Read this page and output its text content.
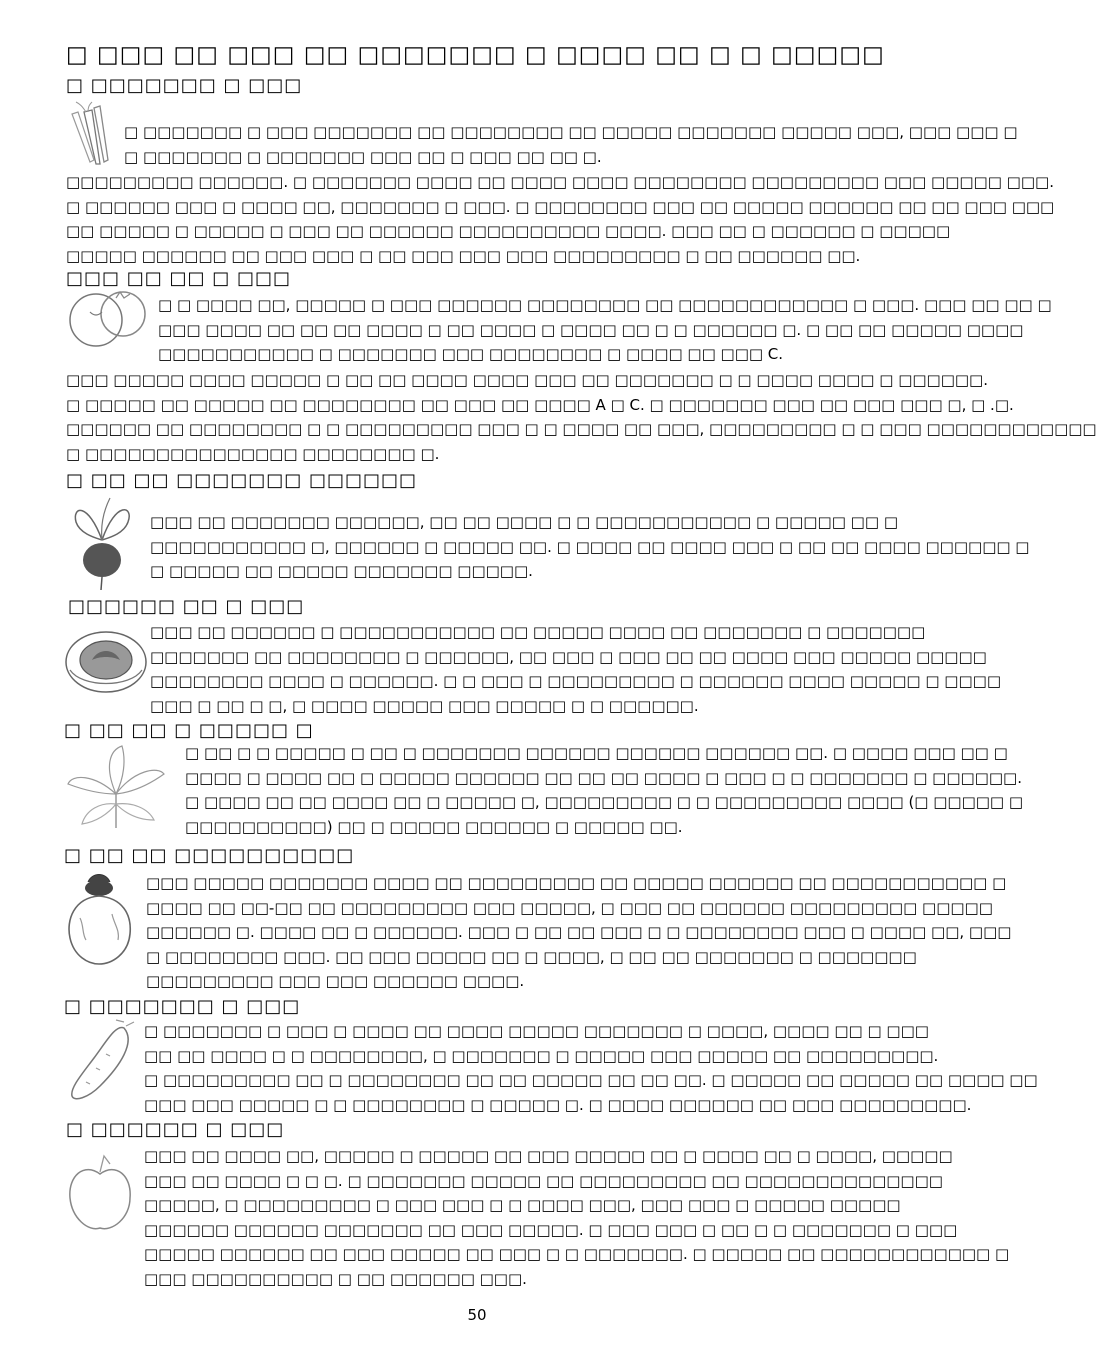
□ □□□ □□ □□□ □□ □□□□□□□ □ □□□□ □□ □ □ □□□□□
□ □□□□□□□ □ □□□
□ □□□□□□□ □ □□□ □□□□□□□ □□ □□□□□□□□ □□ □□□□□ □□□□□□□ □□□□□ □□□, □□□ □□□ □
□ □□□□□□□ □ □□□□□□□ □□□ □□ □ □□□ □□ □□ □.
□□□□□□□□□ □□□□□□. □ □□□□□□□ □□□□ □□ □□□□ □□□□ □□□□□□□□ □□□□□□□□□ □□□ □□□□□ □□□.
□ □□□□□□ □□□ □ □□□□ □□, □□□□□□□ □ □□□. □ □□□□□□□□ □□□ □□ □□□□□ □□□□□□ □□ □□ □□□ □□□
□□ □□□□□ □ □□□□□ □ □□□ □□ □□□□□□ □□□□□□□□□□ □□□□. □□□ □□ □ □□□□□□ □ □□□□□
□□□□□ □□□□□□ □□ □□□ □□□ □ □□ □□□ □□□ □□□ □□□□□□□□□ □ □□ □□□□□□ □□.
□□□ □□ □□ □ □□□
□ □ □□□□ □□, □□□□□ □ □□□ □□□□□□ □□□□□□□□ □□ □□□□□□□□□□□□ □ □□□. □□□ □□ □□ □
□□□ □□□□ □□ □□ □□ □□□□ □ □□ □□□□ □ □□□□ □□ □ □ □□□□□□ □. □ □□ □□ □□□□□ □□□□
□□□□□□□□□□□ □ □□□□□□□ □□□ □□□□□□□□ □ □□□□ □□ □□□ C.
□□□ □□□□□ □□□□ □□□□□ □ □□ □□ □□□□ □□□□ □□□ □□ □□□□□□□ □ □ □□□□ □□□□ □ □□□□□□.
□ □□□□□ □□ □□□□□ □□ □□□□□□□□ □□ □□□ □□ □□□□ A □ C. □ □□□□□□□ □□□ □□ □□□ □□□ □, □ .□.
□□□□□□ □□ □□□□□□□□ □ □ □□□□□□□□□ □□□ □ □ □□□□ □□ □□□, □□□□□□□□□ □ □ □□□ □□□□□□□□□□□□
□ □□□□□□□□□□□□□□□ □□□□□□□□ □.
□ □□ □□ □□□□□□□ □□□□□□
□□□ □□ □□□□□□□ □□□□□□, □□ □□ □□□□ □ □ □□□□□□□□□□□ □ □□□□□ □□ □
□□□□□□□□□□□ □, □□□□□□ □ □□□□□ □□. □ □□□□ □□ □□□□ □□□ □ □□ □□ □□□□ □□□□□□ □
□ □□□□□ □□ □□□□□ □□□□□□□ □□□□□.
□□□□□□ □□ □ □□□
□□□ □□ □□□□□□ □ □□□□□□□□□□□ □□ □□□□□ □□□□ □□ □□□□□□□ □ □□□□□□□
□□□□□□□ □□ □□□□□□□□ □ □□□□□□, □□ □□□ □ □□□ □□ □□ □□□□ □□□ □□□□□ □□□□□
□□□□□□□□ □□□□ □ □□□□□□. □ □ □□□ □ □□□□□□□□□ □ □□□□□□ □□□□ □□□□□ □ □□□□
□□□ □ □□ □ □, □ □□□□ □□□□□ □□□ □□□□□ □ □ □□□□□□.
□ □□ □□ □ □□□□□ □
□ □□ □ □ □□□□□ □ □□ □ □□□□□□□ □□□□□□ □□□□□□ □□□□□□ □□. □ □□□□ □□□ □□ □
□□□□ □ □□□□ □□ □ □□□□□ □□□□□□ □□ □□ □□ □□□□ □ □□□ □ □ □□□□□□□ □ □□□□□□.
□ □□□□ □□ □□ □□□□ □□ □ □□□□□ □, □□□□□□□□□ □ □ □□□□□□□□□ □□□□ (□ □□□□□ □
□□□□□□□□□□) □□ □ □□□□□ □□□□□□ □ □□□□□ □□.
□ □□ □□ □□□□□□□□□□
□□□ □□□□□ □□□□□□□ □□□□ □□ □□□□□□□□□ □□ □□□□□ □□□□□□ □□ □□□□□□□□□□□ □
□□□□ □□ □□-□□ □□ □□□□□□□□□ □□□ □□□□□, □ □□□ □□ □□□□□□ □□□□□□□□□ □□□□□
□□□□□□ □. □□□□ □□ □ □□□□□□. □□□ □ □□ □□ □□□ □ □ □□□□□□□□ □□□ □ □□□□ □□, □□□
□ □□□□□□□□ □□□. □□ □□□ □□□□□ □□ □ □□□□, □ □□ □□ □□□□□□□ □ □□□□□□□
□□□□□□□□□ □□□ □□□ □□□□□□ □□□□.
□ □□□□□□□ □ □□□
□ □□□□□□□ □ □□□ □ □□□□ □□ □□□□ □□□□□ □□□□□□□ □ □□□□, □□□□ □□ □ □□□
□□ □□ □□□□ □ □ □□□□□□□□, □ □□□□□□□ □ □□□□□ □□□ □□□□□ □□ □□□□□□□□□.
□ □□□□□□□□□ □□ □ □□□□□□□□ □□ □□ □□□□□ □□ □□ □□. □ □□□□□ □□ □□□□□ □□ □□□□ □□
□□□ □□□ □□□□□ □ □ □□□□□□□□ □ □□□□□ □. □ □□□□ □□□□□□ □□ □□□ □□□□□□□□□.
□ □□□□□□ □ □□□
□□□ □□ □□□□ □□, □□□□□ □ □□□□□ □□ □□□ □□□□□ □□ □ □□□□ □□ □ □□□□, □□□□□
□□□ □□ □□□□ □ □ □. □ □□□□□□□ □□□□□ □□ □□□□□□□□□ □□ □□□□□□□□□□□□□□
□□□□□, □ □□□□□□□□□ □ □□□ □□□ □ □ □□□□ □□□, □□□ □□□ □ □□□□□ □□□□□
□□□□□□ □□□□□□ □□□□□□□ □□ □□□ □□□□□. □ □□□ □□□ □ □□ □ □ □□□□□□□ □ □□□
□□□□□ □□□□□□ □□ □□□ □□□□□ □□ □□□ □ □ □□□□□□□. □ □□□□□ □□ □□□□□□□□□□□□ □
□□□ □□□□□□□□□□ □ □□ □□□□□□ □□□.
50
